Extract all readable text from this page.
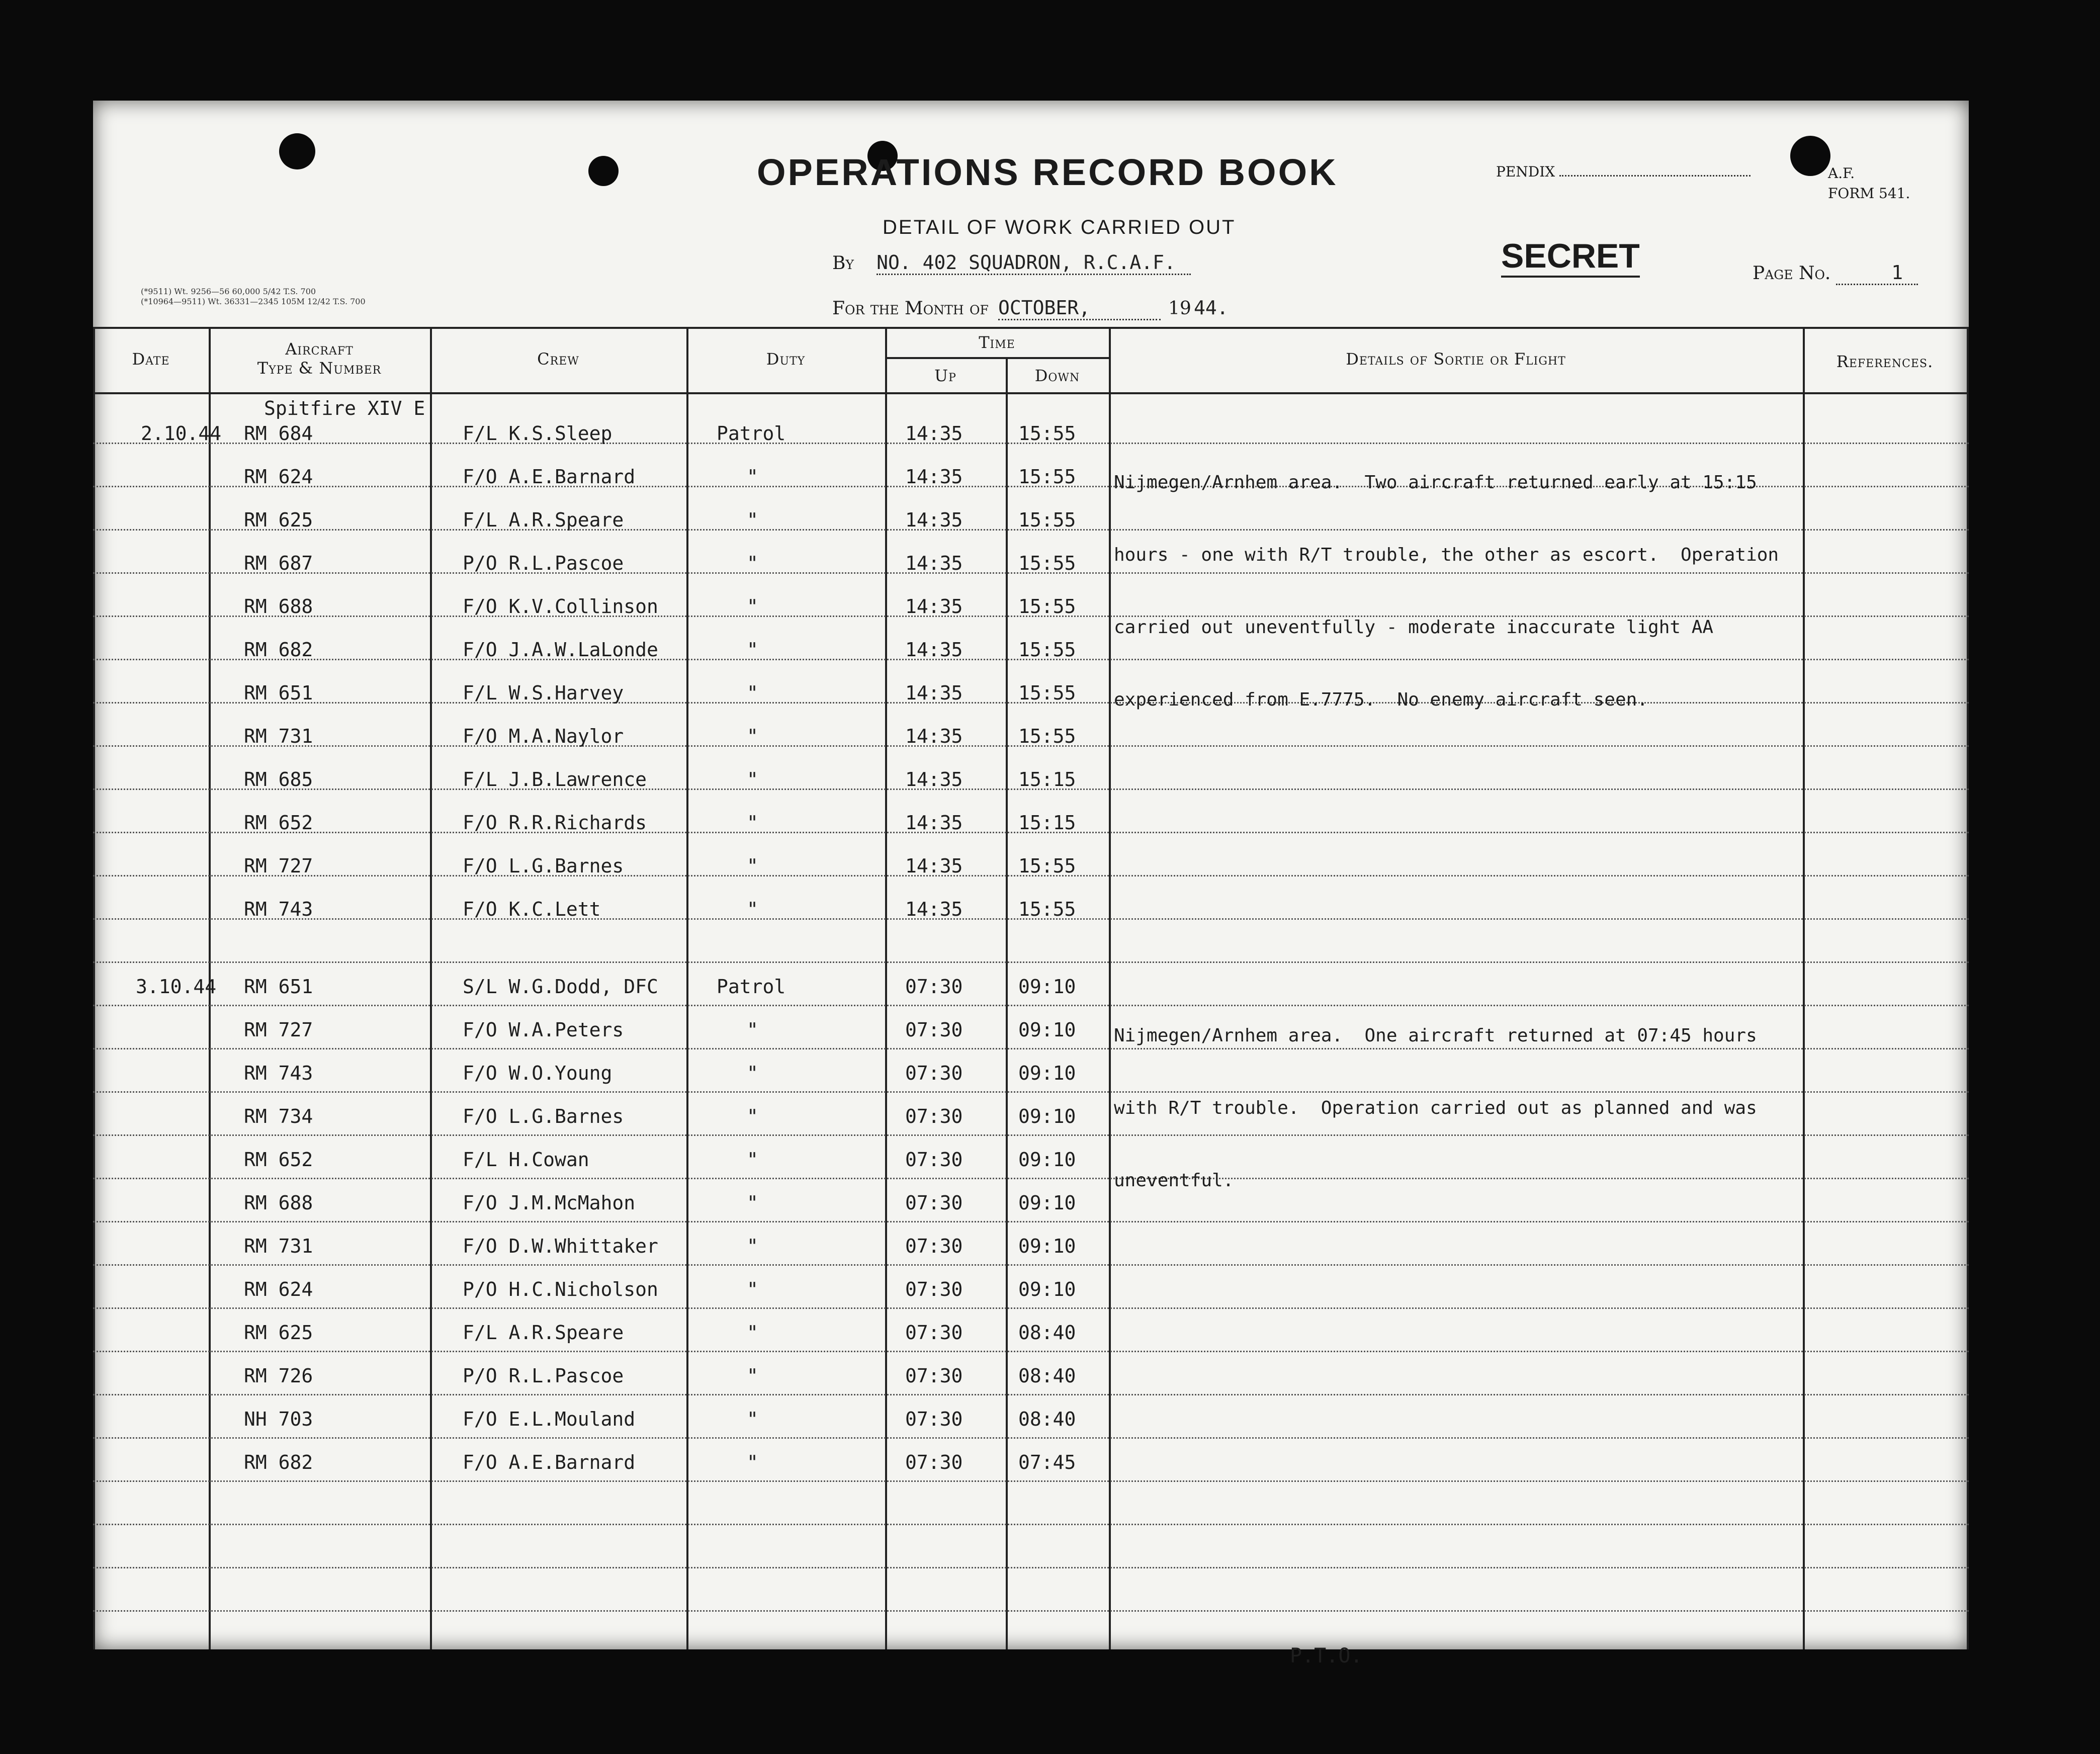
OPERATIONS RECORD BOOK
DETAIL OF WORK CARRIED OUT
By NO. 402 SQUADRON, R.C.A.F.
For the Month of OCTOBER,	19 44.
PENDIX	A.F.
FORM 541.
SECRET	Page No.	1
(*9511) Wt. 9256—56 60,000 5/42 T.S. 700
(*10964—9511) Wt. 36331—2345 105M 12/42 T.S. 700
Date
Aircraft
Type & Number	Crew	Duty
Time
Up	Down
Details of Sortie or Flight	References.
Spitfire XIV E
2.10.44 RM 684	F/L K.S.Sleep	Patrol	14:35	15:55
RM 624	F/O A.E.Barnard	"	14:35	15:55
RM 625	F/L A.R.Speare	"	14:35	15:55
RM 687	P/O R.L.Pascoe	"	14:35	15:55
RM 688	F/O K.V.Collinson	"	14:35	15:55
RM 682	F/O J.A.W.LaLonde	"	14:35	15:55
RM 651	F/L W.S.Harvey	"	14:35	15:55
RM 731	F/O M.A.Naylor	"	14:35	15:55
RM 685	F/L J.B.Lawrence	"	14:35	15:15
RM 652	F/O R.R.Richards	"	14:35	15:15
RM 727	F/O L.G.Barnes	"	14:35	15:55
RM 743	F/O K.C.Lett	"	14:35	15:55

Nijmegen/Arnhem area.  Two aircraft returned early at 15:15

hours - one with R/T trouble, the other as escort.  Operation

carried out uneventfully - moderate inaccurate light AA

experienced from E.7775.  No enemy aircraft seen.

3.10.44 RM 651	S/L W.G.Dodd, DFC	Patrol	07:30	09:10
RM 727	F/O W.A.Peters	"	07:30	09:10
RM 743	F/O W.O.Young	"	07:30	09:10
RM 734	F/O L.G.Barnes	"	07:30	09:10
RM 652	F/L H.Cowan	"	07:30	09:10
RM 688	F/O J.M.McMahon	"	07:30	09:10
RM 731	F/O D.W.Whittaker	"	07:30	09:10
RM 624	P/O H.C.Nicholson	"	07:30	09:10
RM 625	F/L A.R.Speare	"	07:30	08:40
RM 726	P/O R.L.Pascoe	"	07:30	08:40
NH 703	F/O E.L.Mouland	"	07:30	08:40
RM 682	F/O A.E.Barnard	"	07:30	07:45

Nijmegen/Arnhem area.  One aircraft returned at 07:45 hours

with R/T trouble.  Operation carried out as planned and was

uneventful.

P.T.O.
